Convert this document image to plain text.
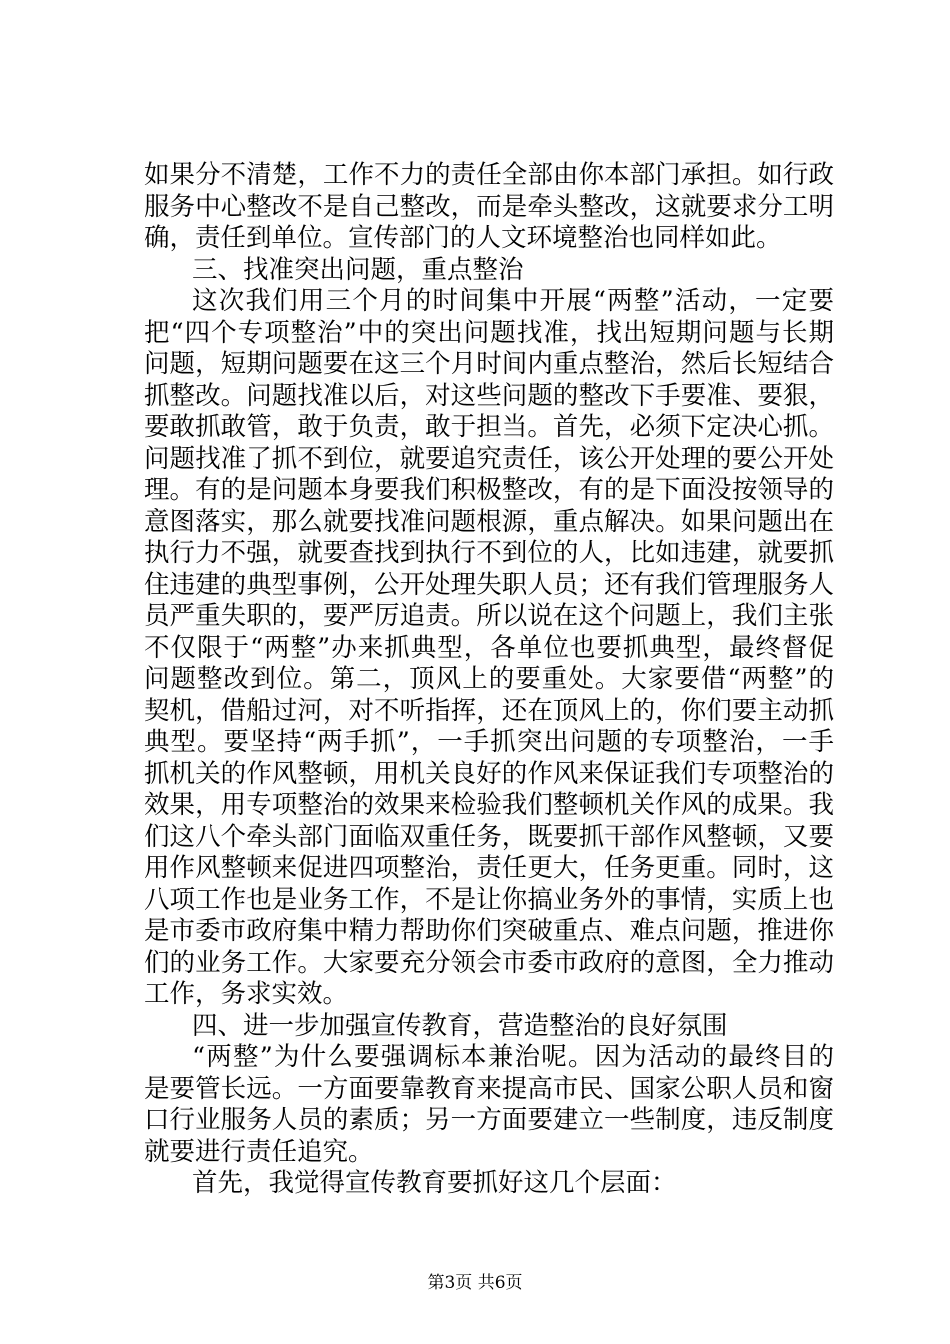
如果分不清楚，工作不力的责任全部由你本部门承担。如行政
服务中心整改不是自己整改，而是牵头整改，这就要求分工明
确，责任到单位。宣传部门的人文环境整治也同样如此。
三、找准突出问题，重点整治
这次我们用三个月的时间集中开展“两整”活动，一定要
把“四个专项整治”中的突出问题找准，找出短期问题与长期
问题，短期问题要在这三个月时间内重点整治，然后长短结合
抓整改。问题找准以后，对这些问题的整改下手要准、要狠，
要敢抓敢管，敢于负责，敢于担当。首先，必须下定决心抓。
问题找准了抓不到位，就要追究责任，该公开处理的要公开处
理。有的是问题本身要我们积极整改，有的是下面没按领导的
意图落实，那么就要找准问题根源，重点解决。如果问题出在
执行力不强，就要查找到执行不到位的人，比如违建，就要抓
住违建的典型事例，公开处理失职人员；还有我们管理服务人
员严重失职的，要严厉追责。所以说在这个问题上，我们主张
不仅限于“两整”办来抓典型，各单位也要抓典型，最终督促
问题整改到位。第二，顶风上的要重处。大家要借“两整”的
契机，借船过河，对不听指挥，还在顶风上的，你们要主动抓
典型。要坚持“两手抓”，一手抓突出问题的专项整治，一手
抓机关的作风整顿，用机关良好的作风来保证我们专项整治的
效果，用专项整治的效果来检验我们整顿机关作风的成果。我
们这八个牵头部门面临双重任务，既要抓干部作风整顿，又要
用作风整顿来促进四项整治，责任更大，任务更重。同时，这
八项工作也是业务工作，不是让你搞业务外的事情，实质上也
是市委市政府集中精力帮助你们突破重点、难点问题，推进你
们的业务工作。大家要充分领会市委市政府的意图，全力推动
工作，务求实效。
四、进一步加强宣传教育，营造整治的良好氛围
“两整”为什么要强调标本兼治呢。因为活动的最终目的
是要管长远。一方面要靠教育来提高市民、国家公职人员和窗
口行业服务人员的素质；另一方面要建立一些制度，违反制度
就要进行责任追究。
首先，我觉得宣传教育要抓好这几个层面：
第3页 共6页
